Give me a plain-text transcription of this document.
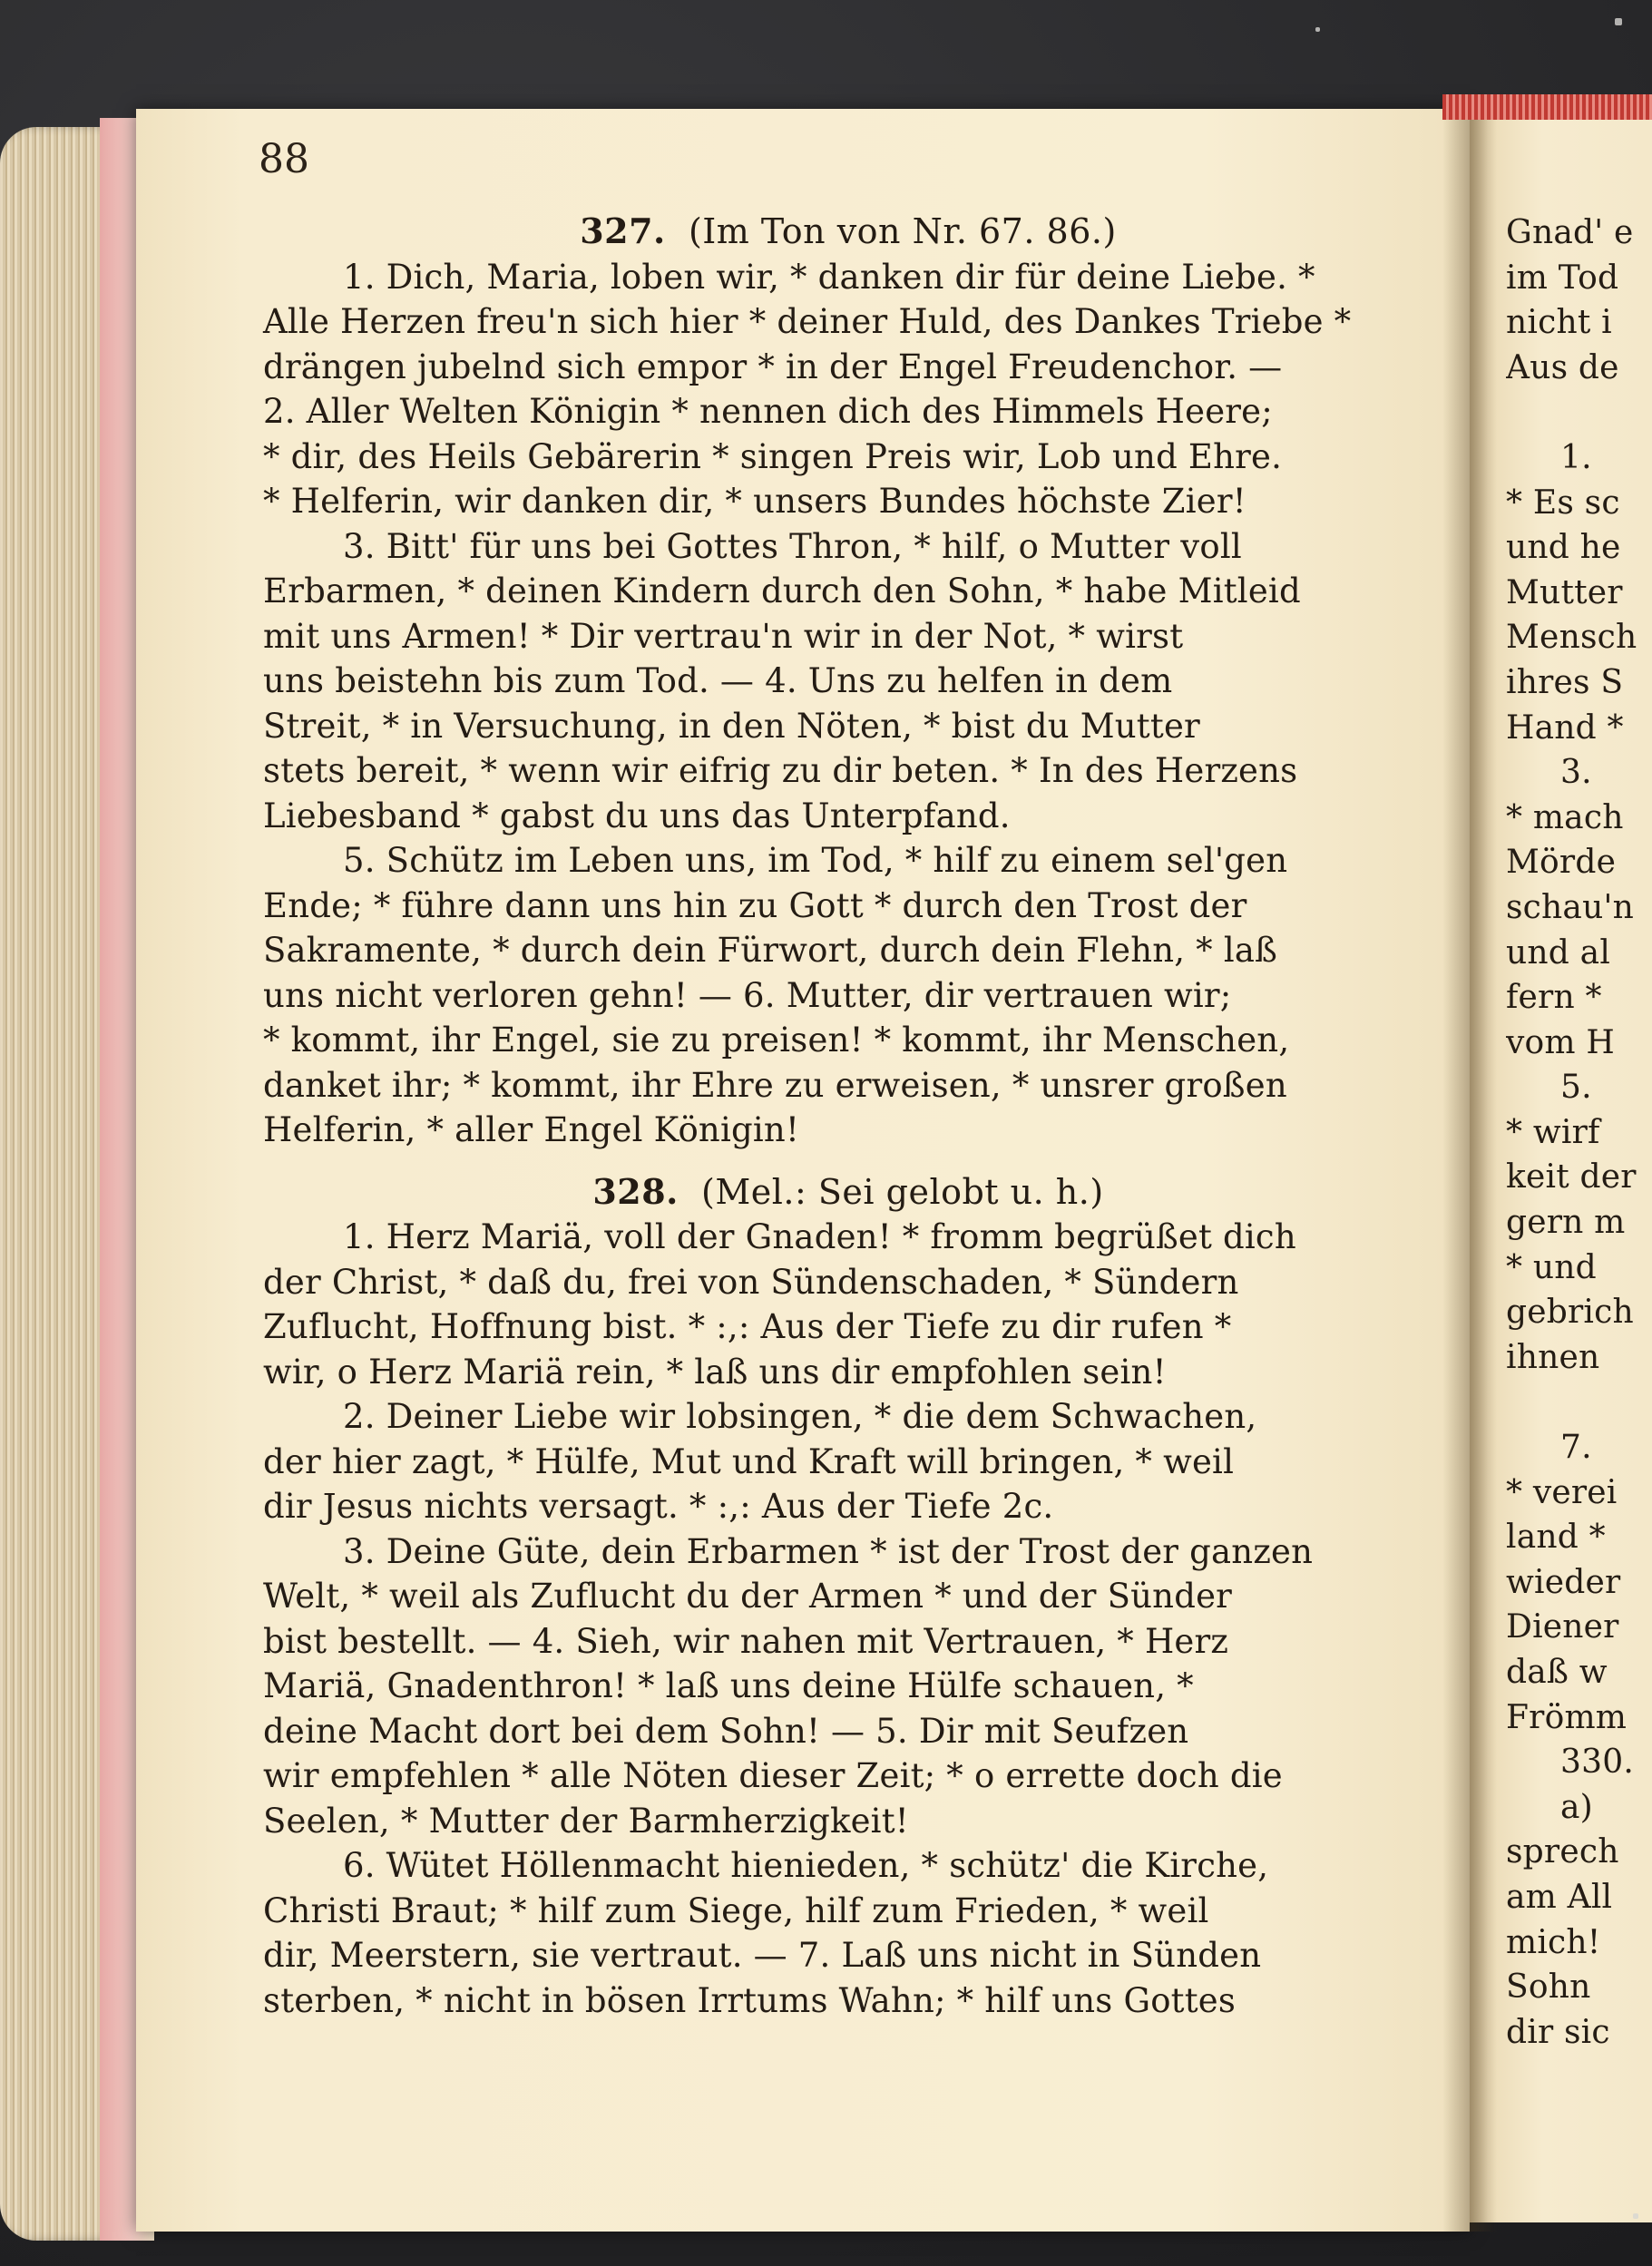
88
327. (Im Ton von Nr. 67. 86.)
1. Dich, Maria, loben wir, * danken dir für deine Liebe. *
Alle Herzen freu'n sich hier * deiner Huld, des Dankes Triebe *
drängen jubelnd sich empor * in der Engel Freudenchor. —
2. Aller Welten Königin * nennen dich des Himmels Heere;
* dir, des Heils Gebärerin * singen Preis wir, Lob und Ehre.
* Helferin, wir danken dir, * unsers Bundes höchste Zier!
3. Bitt' für uns bei Gottes Thron, * hilf, o Mutter voll
Erbarmen, * deinen Kindern durch den Sohn, * habe Mitleid
mit uns Armen! * Dir vertrau'n wir in der Not, * wirst
uns beistehn bis zum Tod. — 4. Uns zu helfen in dem
Streit, * in Versuchung, in den Nöten, * bist du Mutter
stets bereit, * wenn wir eifrig zu dir beten. * In des Herzens
Liebesband * gabst du uns das Unterpfand.
5. Schütz im Leben uns, im Tod, * hilf zu einem sel'gen
Ende; * führe dann uns hin zu Gott * durch den Trost der
Sakramente, * durch dein Fürwort, durch dein Flehn, * laß
uns nicht verloren gehn! — 6. Mutter, dir vertrauen wir;
* kommt, ihr Engel, sie zu preisen! * kommt, ihr Menschen,
danket ihr; * kommt, ihr Ehre zu erweisen, * unsrer großen
Helferin, * aller Engel Königin!
328. (Mel.: Sei gelobt u. h.)
1. Herz Mariä, voll der Gnaden! * fromm begrüßet dich
der Christ, * daß du, frei von Sündenschaden, * Sündern
Zuflucht, Hoffnung bist. * :,: Aus der Tiefe zu dir rufen *
wir, o Herz Mariä rein, * laß uns dir empfohlen sein!
2. Deiner Liebe wir lobsingen, * die dem Schwachen,
der hier zagt, * Hülfe, Mut und Kraft will bringen, * weil
dir Jesus nichts versagt. * :,: Aus der Tiefe 2c.
3. Deine Güte, dein Erbarmen * ist der Trost der ganzen
Welt, * weil als Zuflucht du der Armen * und der Sünder
bist bestellt. — 4. Sieh, wir nahen mit Vertrauen, * Herz
Mariä, Gnadenthron! * laß uns deine Hülfe schauen, *
deine Macht dort bei dem Sohn! — 5. Dir mit Seufzen
wir empfehlen * alle Nöten dieser Zeit; * o errette doch die
Seelen, * Mutter der Barmherzigkeit!
6. Wütet Höllenmacht hienieden, * schütz' die Kirche,
Christi Braut; * hilf zum Siege, hilf zum Frieden, * weil
dir, Meerstern, sie vertraut. — 7. Laß uns nicht in Sünden
sterben, * nicht in bösen Irrtums Wahn; * hilf uns Gottes
Gnad' e
im Tod
nicht i
Aus de

1.
* Es sc
und he
Mutter
Mensch
ihres S
Hand *
3.
* mach
Mörde
schau'n
und al
fern *
vom H
5.
* wirf
keit der
gern m
* und
gebrich
ihnen

7.
* verei
land *
wieder
Diener
daß w
Frömm
330.
a)
sprech
am All
mich!
Sohn
dir sic
